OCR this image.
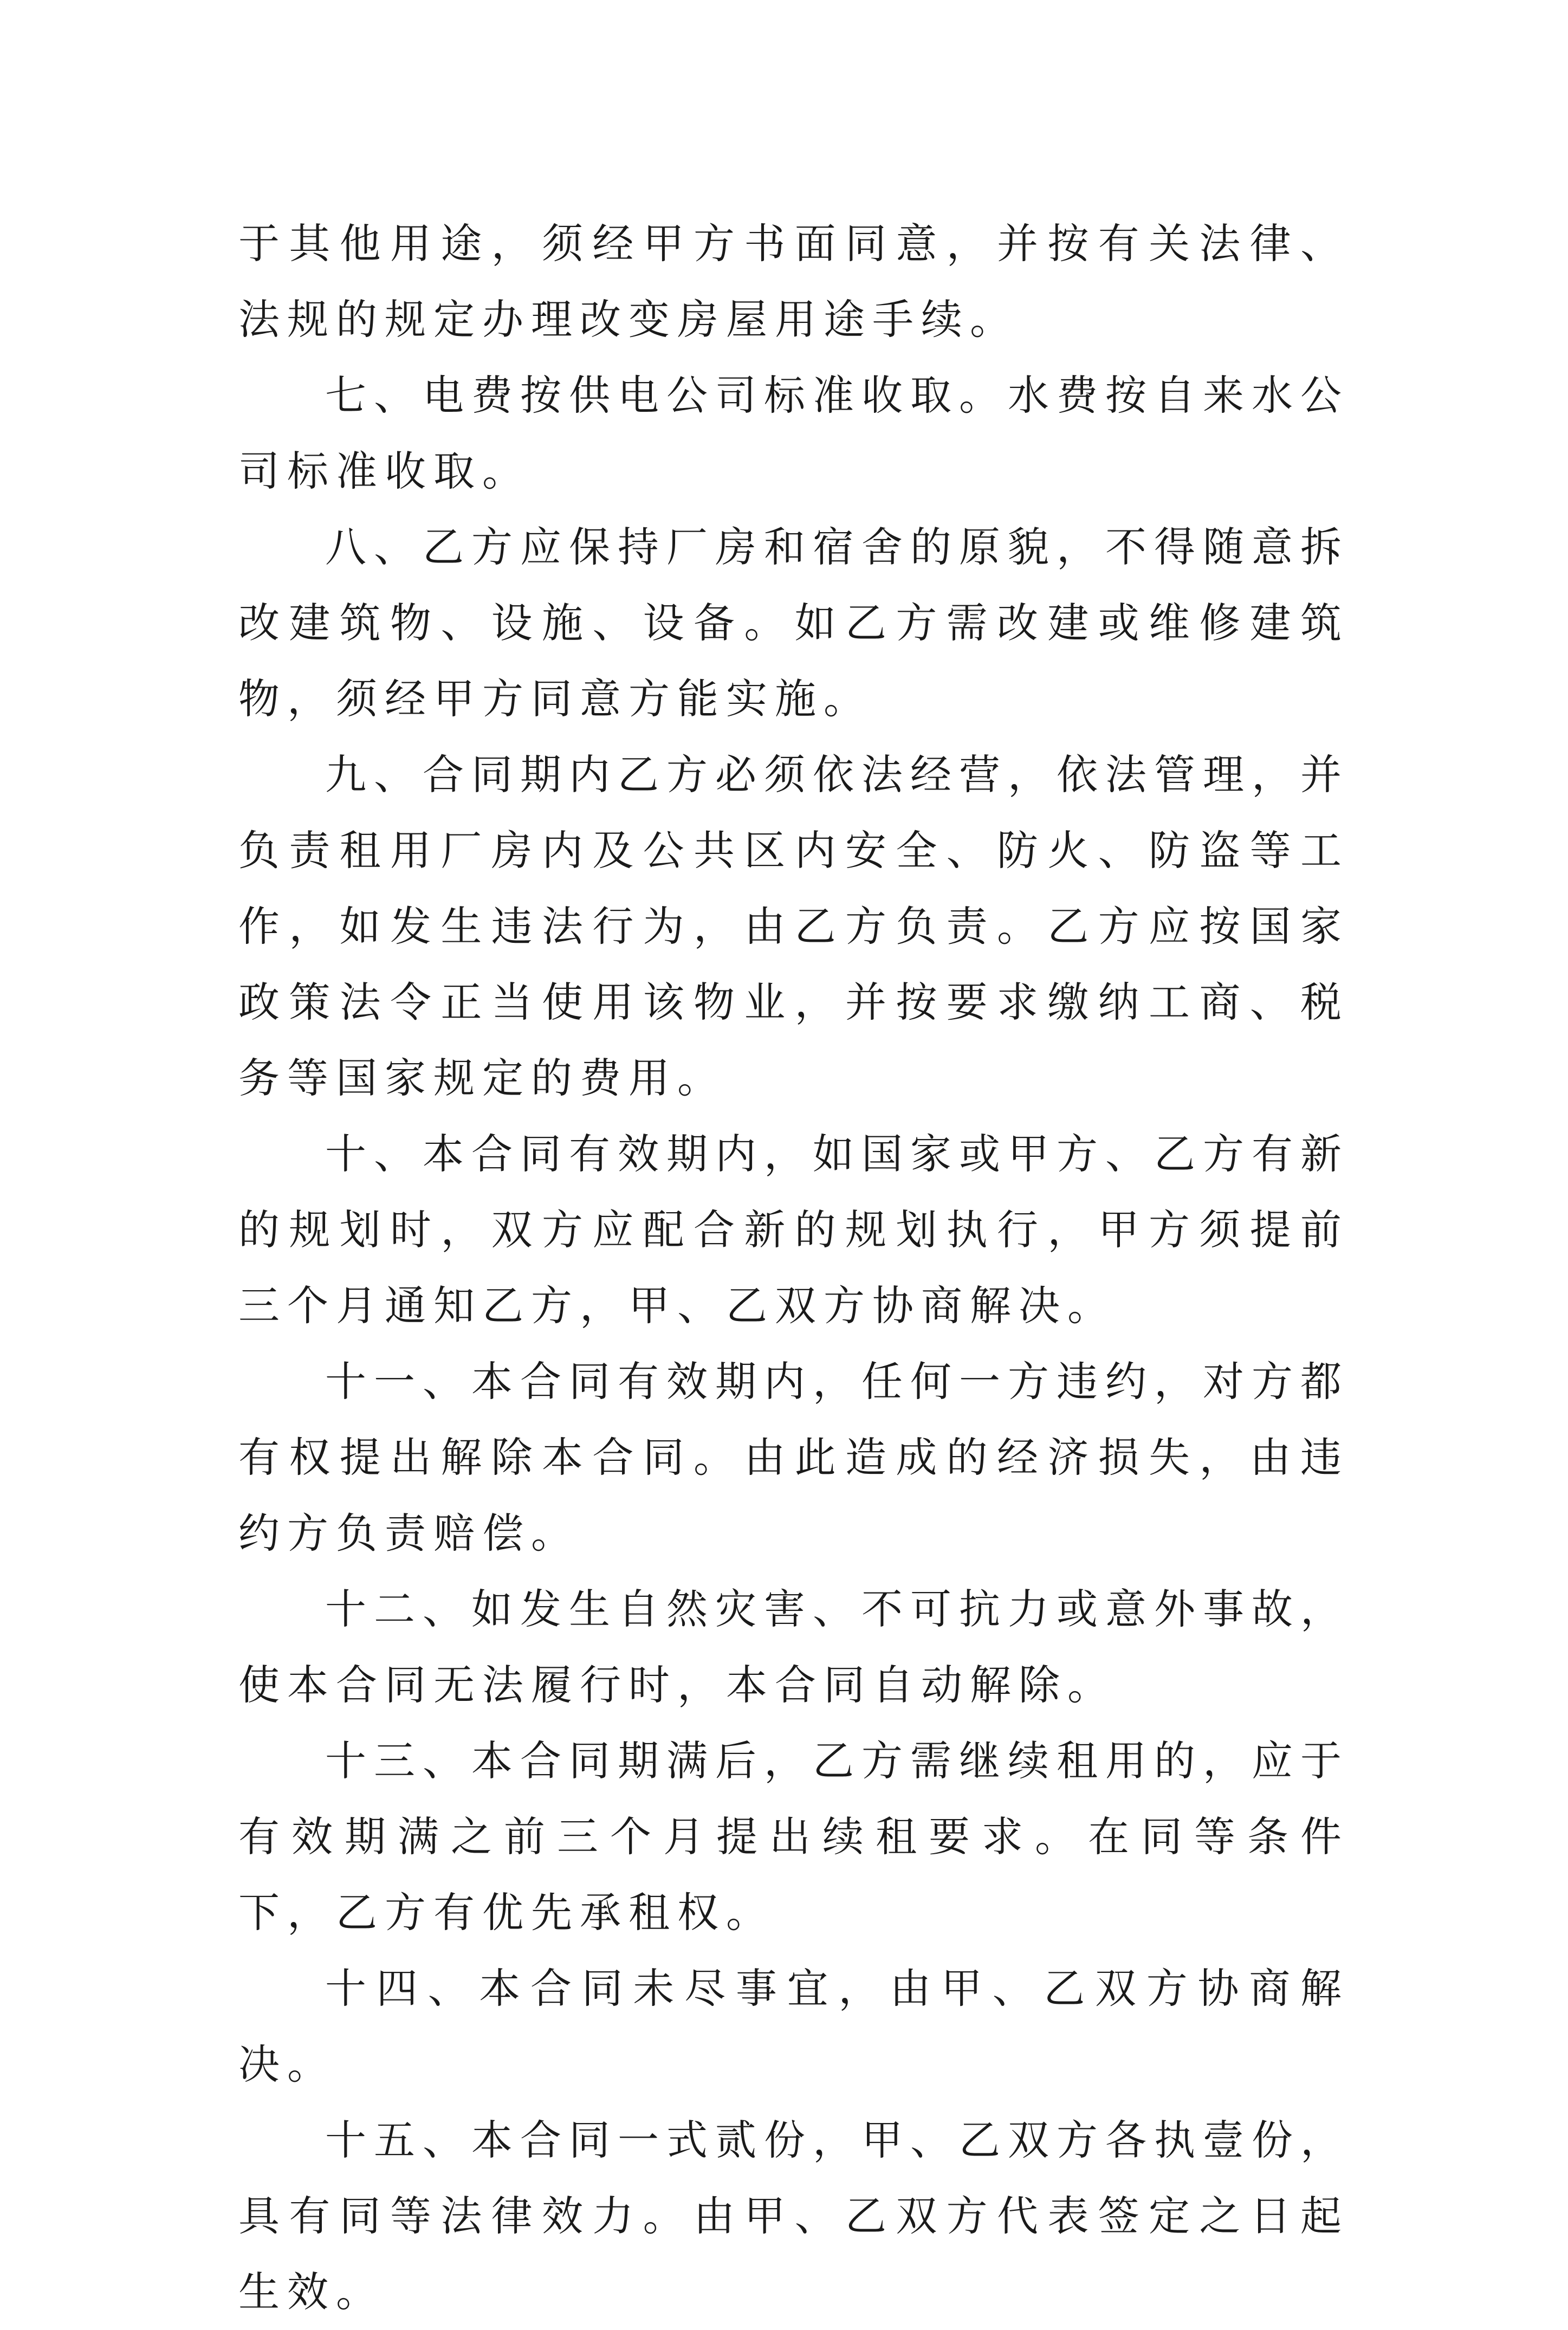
于其他用途，须经甲方书面同意，并按有关法律、法规的规定办理改变房屋用途手续。

七、电费按供电公司标准收取。水费按自来水公司标准收取。

八、乙方应保持厂房和宿舍的原貌，不得随意拆改建筑物、设施、设备。如乙方需改建或维修建筑物，须经甲方同意方能实施。

九、合同期内乙方必须依法经营，依法管理，并负责租用厂房内及公共区内安全、防火、防盗等工作，如发生违法行为，由乙方负责。乙方应按国家政策法令正当使用该物业，并按要求缴纳工商、税务等国家规定的费用。

十、本合同有效期内，如国家或甲方、乙方有新的规划时，双方应配合新的规划执行，甲方须提前三个月通知乙方，甲、乙双方协商解决。

十一、本合同有效期内，任何一方违约，对方都有权提出解除本合同。由此造成的经济损失，由违约方负责赔偿。

十二、如发生自然灾害、不可抗力或意外事故，使本合同无法履行时，本合同自动解除。

十三、本合同期满后，乙方需继续租用的，应于有效期满之前三个月提出续租要求。在同等条件下，乙方有优先承租权。

十四、本合同未尽事宜，由甲、乙双方协商解决。

十五、本合同一式贰份，甲、乙双方各执壹份，具有同等法律效力。由甲、乙双方代表签定之日起生效。
